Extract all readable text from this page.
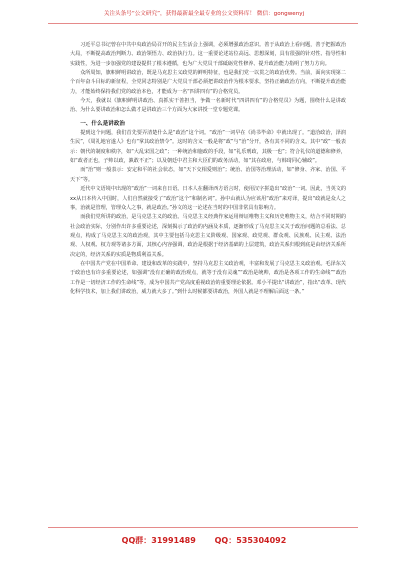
关注头条号“公文研究”，获得最新最全最专业的公文资料库！ 微信：gongwenyj

习近平总书记曾在中共中央政治局召开的民主生活会上强调，必须增强政治意识。善于从政治上看问题，善于把握政治大局，不断提高政治判断力、政治领悟力、政治执行力。这一重要论述站位高远、思想深刻，具有很强的针对性、指导性和实践性，为进一步加强党的建设提供了根本遵循，也为广大党员干部砥砺党性修养、提升政治能力指明了努力方向。

众所周知，旗帜鲜明讲政治，既是马克思主义政党的鲜明特征，也是我们党一以贯之的政治优势。当前，面向实现第二个百年奋斗目标的新征程，全党同志特别是广大党员干部必须把讲政治作为根本要求，坚持正确政治方向，不断提升政治能力，才能始终保持我们党的政治本色，才能成为一名“四讲四有”的合格党员。

今天，我就以《旗帜鲜明讲政治、真抓实干善担当，争做一名新时代“四讲四有”的合格党员》为题，围绕什么是讲政治、为什么要讲政治和怎么做才是讲政治三个方面为大家讲授一堂专题党课。

一、什么是讲政治

提到这个问题，我们首先要弄清楚什么是“政治”这个词。“政治”一词早在《尚书毕命》中就出现了。“道洽政治，泽润生民”，《周礼地官遂人》也有“掌其政治禁令”。这时的含义一般是将“政”与“治”分开，各有其不同的含义。其中“政”一般表示：朝代的制度和秩序，如“大乱宋国之政”；一种统治和施政的手段，如“礼乐刑政，其极一也”；符合礼仪的道德和修养，如“政者正也，子帅以政，孰敢不正”；以及朝廷中君主和大臣们的政务活动，如“其在政府，与韩琦同心辅政”。

而“治”则一般表示：安定和平的社会状态，如“天下交相爱则治”；统治、治国等治理活动，如“修身、齐家、治国、平天下”等。

近代中文语境中出现的“政治”一词来自日语。日本人在翻译西方语言时，使用汉字拼造出“政治”一词。因此，当英文的xx从日本传入中国时，人们自然就接受了“政治”这个“和制名词”。孙中山就认为应该用“政治”来对译，提出“政就是众人之事，治就是管理，管理众人之事，就是政治。”孙文的这一论述在当时的中国非常具有影响力。

而我们党所讲的政治，是马克思主义的政治。马克思主义经典作家运用辩证唯物主义和历史唯物主义，结合不同时期的社会政治实际，分别作出许多重要论述，深刻揭示了政治的内涵及本质，逐渐形成了马克思主义关于政治问题的总看法、总观点，构成了马克思主义的政治观，其中主要包括马克思主义阶级观、国家观、政党观、群众观、民族观、民主观、法治观、人权观、权力观等诸多方面，其核心内容强调，政治是根据于经济基础的上层建筑，政治关系归根到底是由经济关系所决定的，经济关系的实质是物质利益关系。

在中国共产党在中国革命、建设和改革的实践中，坚持马克思主义政治观，丰富和发展了马克思主义政治观。毛泽东关于政治也有许多重要论述，如强调“没有正确的政治观点，就等于没有灵魂”“政治是统帅，政治是各项工作的生命线”“政治工作是一切经济工作的生命线”等，成为中国共产党高度重视政治的重要理论依据。邓小平提出“讲政治”，指出“改革、现代化科学技术，加上我们讲政治，威力就大多了。”到什么时候都要讲政治，外国人就是不理解后面这一条。”

QQ群：31991489 QQ：535304092
